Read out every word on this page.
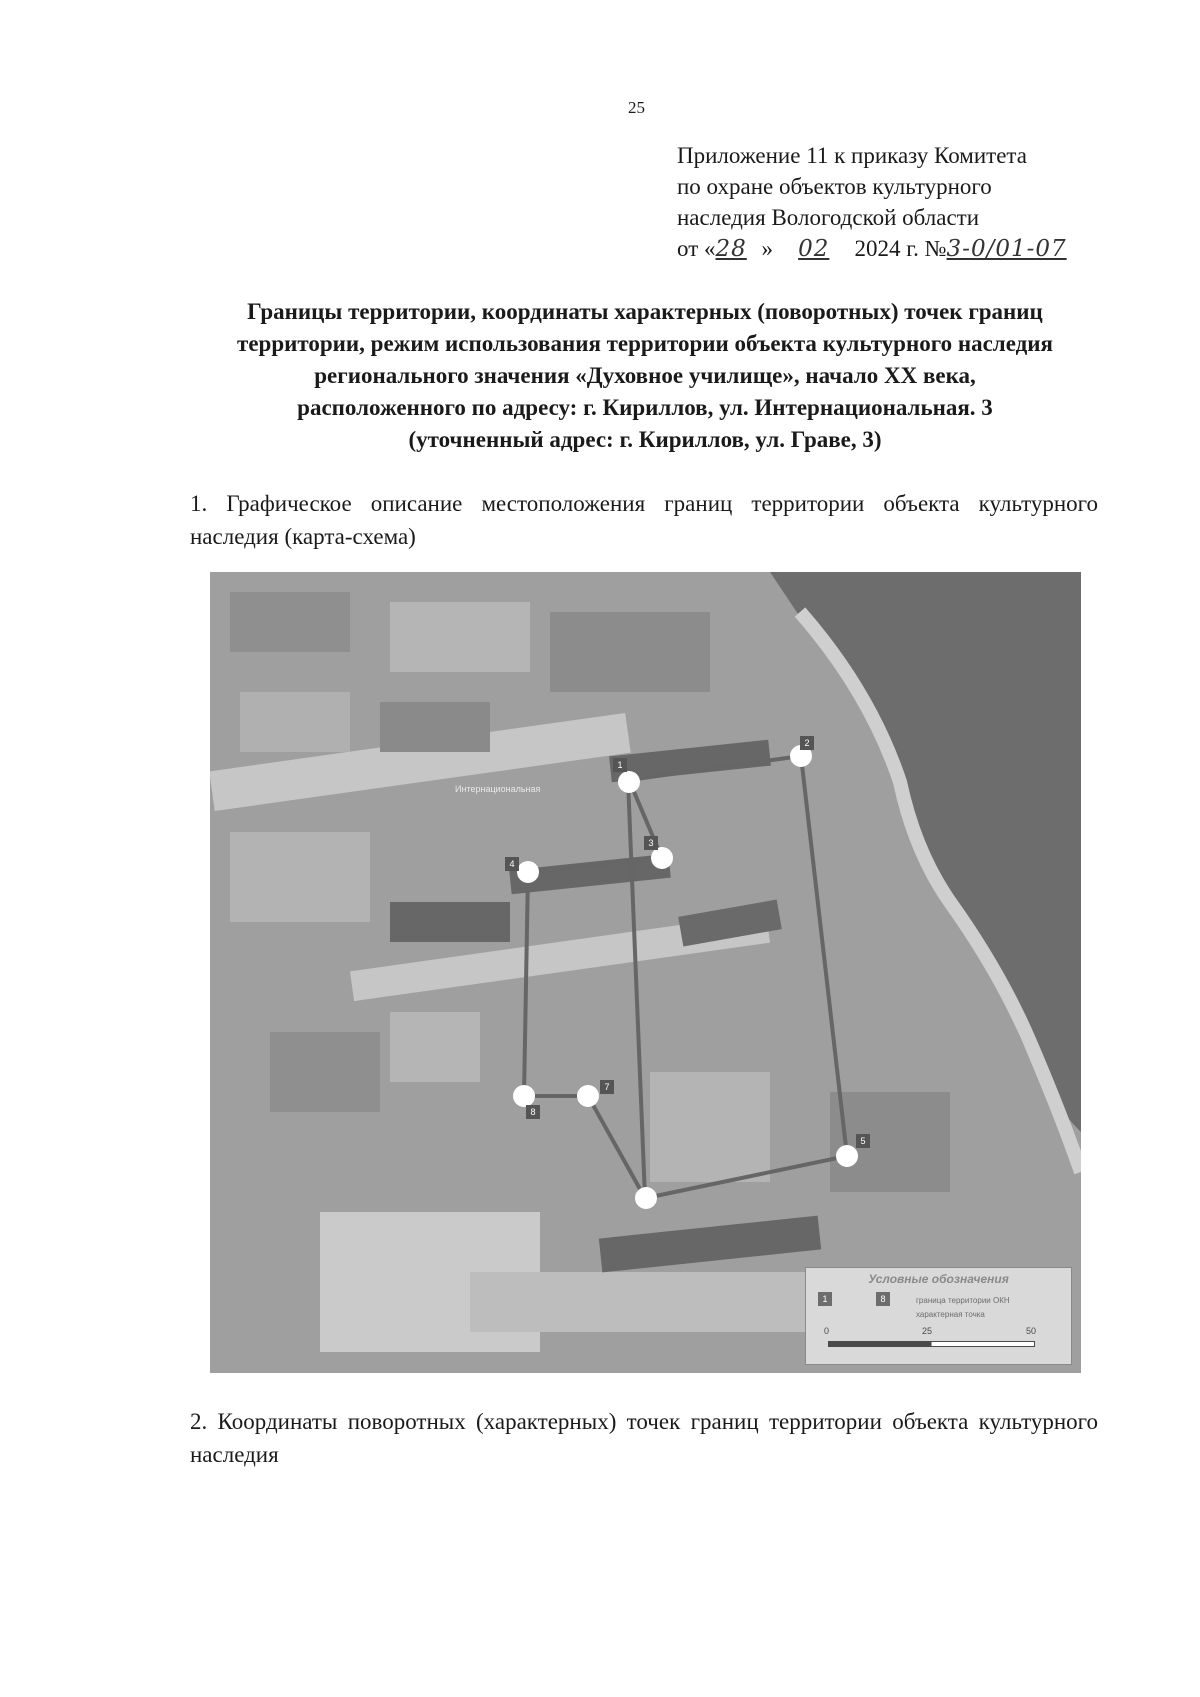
25
Приложение 11 к приказу Комитета
по охране объектов культурного
наследия Вологодской области
от «28 » 02 2024 г. №3-0/01-07
Границы территории, координаты характерных (поворотных) точек границ
территории, режим использования территории объекта культурного наследия
регионального значения «Духовное училище», начало XX века,
расположенного по адресу: г. Кириллов, ул. Интернациональная. 3
(уточненный адрес: г. Кириллов, ул. Граве, 3)
1. Графическое описание местоположения границ территории объекта культурного наследия (карта-схема)
1
2
3
4
5
7
8
Интернациональная
Условные обозначения
1	8	граница территории ОКН
характерная точка
0	25	50
2. Координаты поворотных (характерных) точек границ территории объекта культурного наследия
